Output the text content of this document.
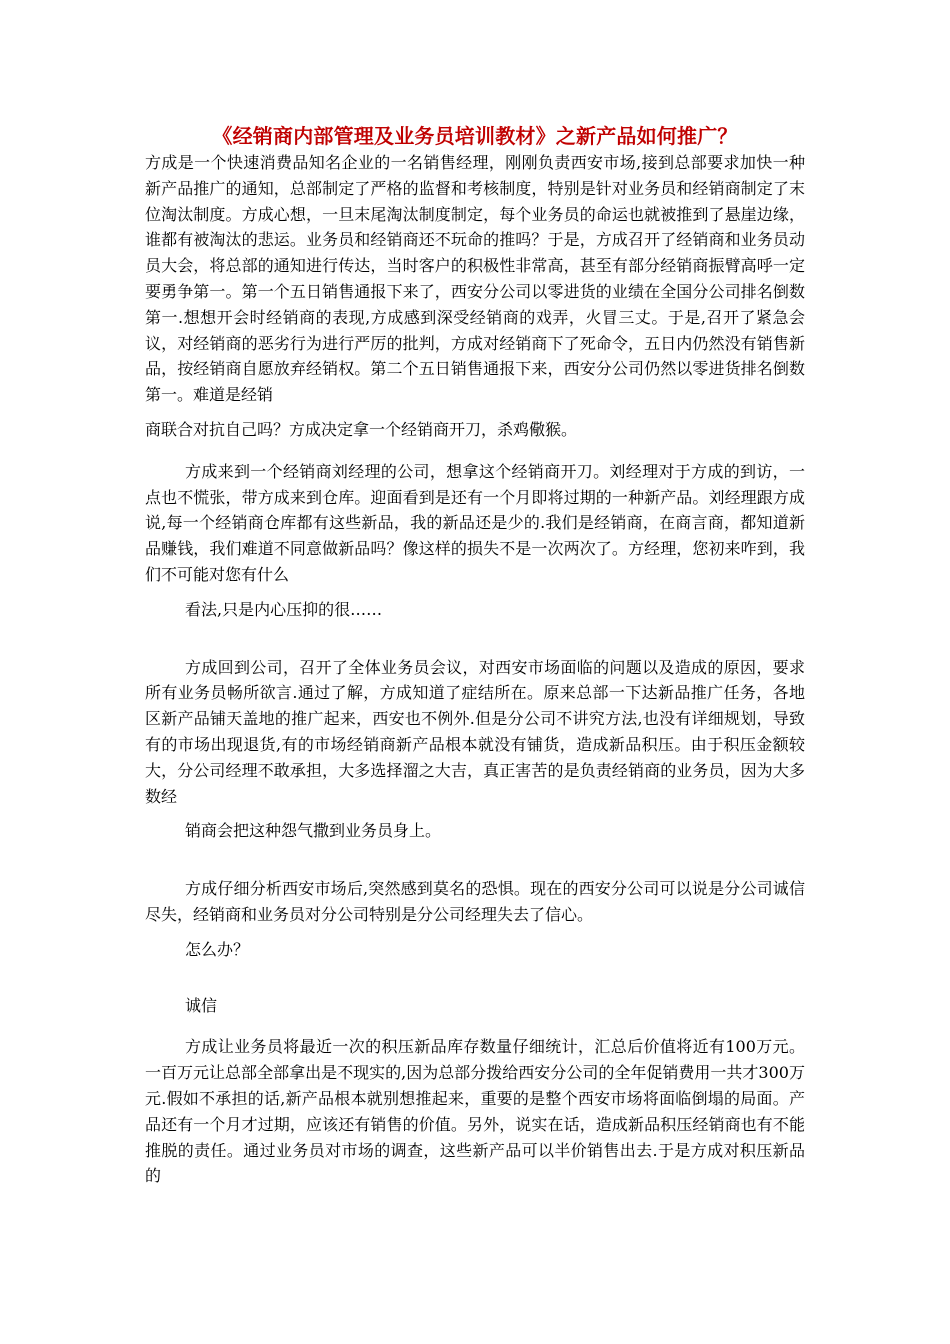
《经销商内部管理及业务员培训教材》之新产品如何推广？

方成是一个快速消费品知名企业的一名销售经理，刚刚负责西安市场,接到总部要求加快一种新产品推广的通知，总部制定了严格的监督和考核制度，特别是针对业务员和经销商制定了末位淘汰制度。方成心想，一旦末尾淘汰制度制定，每个业务员的命运也就被推到了悬崖边缘，谁都有被淘汰的悲运。业务员和经销商还不玩命的推吗？于是，方成召开了经销商和业务员动员大会，将总部的通知进行传达，当时客户的积极性非常高，甚至有部分经销商振臂高呼一定要勇争第一。第一个五日销售通报下来了，西安分公司以零进货的业绩在全国分公司排名倒数第一.想想开会时经销商的表现,方成感到深受经销商的戏弄，火冒三丈。于是,召开了紧急会议，对经销商的恶劣行为进行严厉的批判，方成对经销商下了死命令，五日内仍然没有销售新品，按经销商自愿放弃经销权。第二个五日销售通报下来，西安分公司仍然以零进货排名倒数第一。难道是经销
商联合对抗自己吗？方成决定拿一个经销商开刀，杀鸡儆猴。

方成来到一个经销商刘经理的公司，想拿这个经销商开刀。刘经理对于方成的到访，一点也不慌张，带方成来到仓库。迎面看到是还有一个月即将过期的一种新产品。刘经理跟方成说,每一个经销商仓库都有这些新品，我的新品还是少的.我们是经销商，在商言商，都知道新品赚钱，我们难道不同意做新品吗？像这样的损失不是一次两次了。方经理，您初来咋到，我们不可能对您有什么
看法,只是内心压抑的很……

方成回到公司，召开了全体业务员会议，对西安市场面临的问题以及造成的原因，要求所有业务员畅所欲言.通过了解，方成知道了症结所在。原来总部一下达新品推广任务，各地区新产品铺天盖地的推广起来，西安也不例外.但是分公司不讲究方法,也没有详细规划，导致有的市场出现退货,有的市场经销商新产品根本就没有铺货，造成新品积压。由于积压金额较大，分公司经理不敢承担，大多选择溜之大吉，真正害苦的是负责经销商的业务员，因为大多数经
销商会把这种怨气撒到业务员身上。

方成仔细分析西安市场后,突然感到莫名的恐惧。现在的西安分公司可以说是分公司诚信尽失，经销商和业务员对分公司特别是分公司经理失去了信心。
怎么办？

诚信

方成让业务员将最近一次的积压新品库存数量仔细统计，汇总后价值将近有100万元。一百万元让总部全部拿出是不现实的,因为总部分拨给西安分公司的全年促销费用一共才300万元.假如不承担的话,新产品根本就别想推起来，重要的是整个西安市场将面临倒塌的局面。产品还有一个月才过期，应该还有销售的价值。另外，说实在话，造成新品积压经销商也有不能推脱的责任。通过业务员对市场的调查，这些新产品可以半价销售出去.于是方成对积压新品的
